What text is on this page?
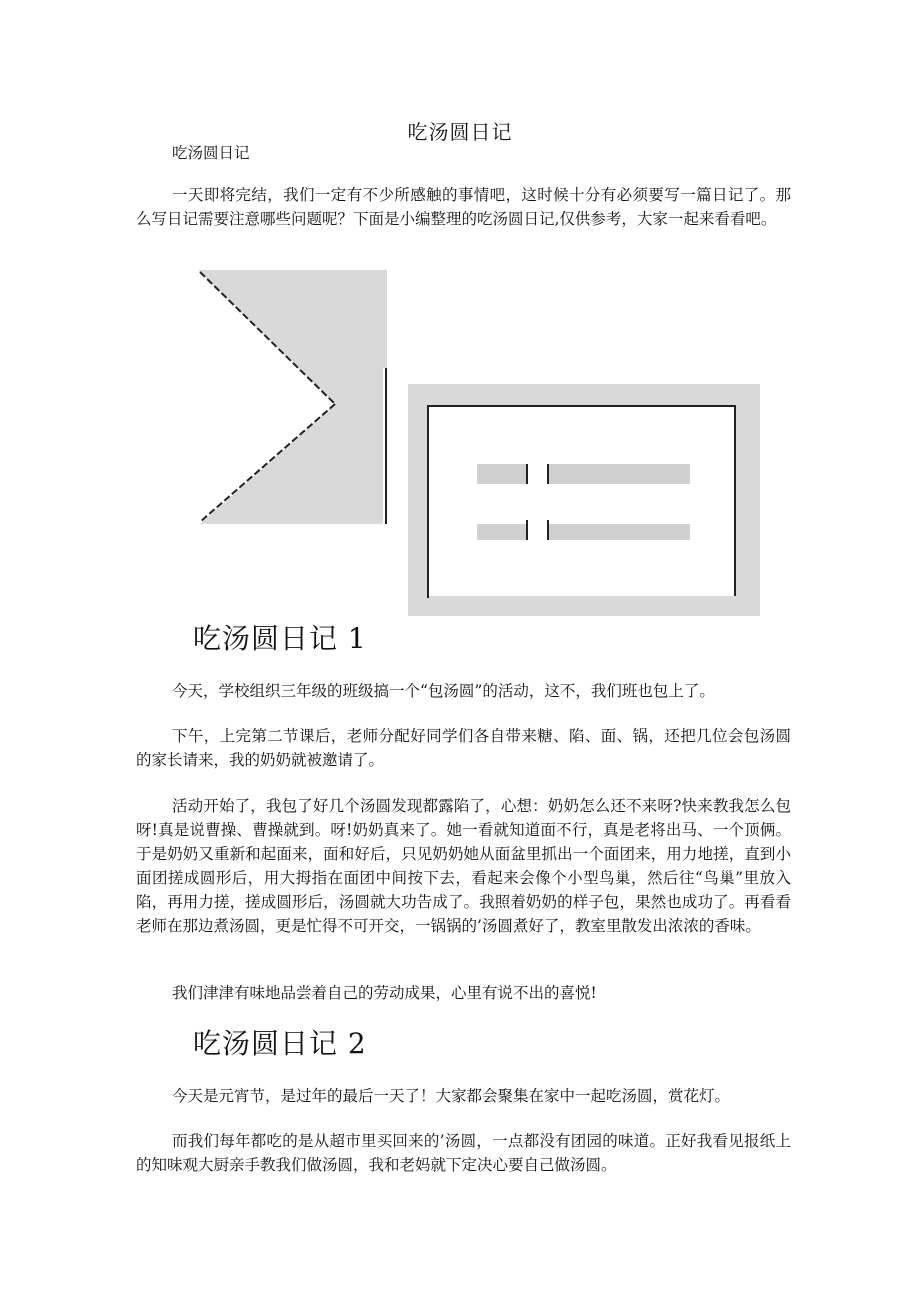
吃汤圆日记
吃汤圆日记

一天即将完结，我们一定有不少所感触的事情吧，这时候十分有必须要写一篇日记了。那么写日记需要注意哪些问题呢？下面是小编整理的吃汤圆日记,仅供参考，大家一起来看看吧。

吃汤圆日记 1

今天，学校组织三年级的班级搞一个“包汤圆”的活动，这不，我们班也包上了。

下午，上完第二节课后，老师分配好同学们各自带来糖、陷、面、锅，还把几位会包汤圆的家长请来，我的奶奶就被邀请了。

活动开始了，我包了好几个汤圆发现都露陷了，心想：奶奶怎么还不来呀?快来教我怎么包呀!真是说曹操、曹操就到。呀!奶奶真来了。她一看就知道面不行，真是老将出马、一个顶俩。于是奶奶又重新和起面来，面和好后，只见奶奶她从面盆里抓出一个面团来，用力地搓，直到小面团搓成圆形后，用大拇指在面团中间按下去，看起来会像个小型鸟巢，然后往“鸟巢”里放入陷，再用力搓，搓成圆形后，汤圆就大功告成了。我照着奶奶的样子包，果然也成功了。再看看老师在那边煮汤圆，更是忙得不可开交，一锅锅的’汤圆煮好了，教室里散发出浓浓的香味。

我们津津有味地品尝着自己的劳动成果，心里有说不出的喜悦!

吃汤圆日记 2

今天是元宵节，是过年的最后一天了！大家都会聚集在家中一起吃汤圆，赏花灯。

而我们每年都吃的是从超市里买回来的’汤圆，一点都没有团园的味道。正好我看见报纸上的知味观大厨亲手教我们做汤圆，我和老妈就下定决心要自己做汤圆。
